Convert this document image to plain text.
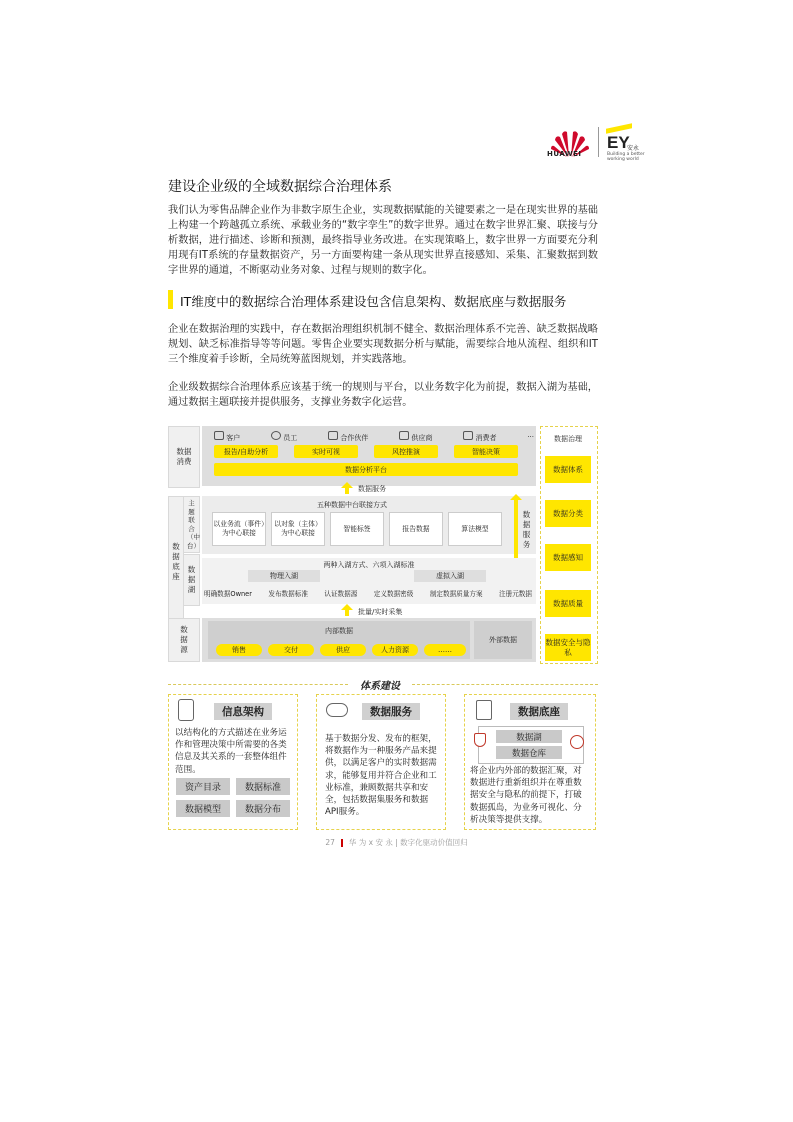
HUAWEI
EY
安永
Building a better working world
建设企业级的全域数据综合治理体系
我们认为零售品牌企业作为非数字原生企业，实现数据赋能的关键要素之一是在现实世界的基础上构建一个跨越孤立系统、承载业务的“数字孪生”的数字世界。通过在数字世界汇聚、联接与分析数据，进行描述、诊断和预测，最终指导业务改进。在实现策略上，数字世界一方面要充分利用现有IT系统的存量数据资产，另一方面要构建一条从现实世界直接感知、采集、汇聚数据到数字世界的通道，不断驱动业务对象、过程与规则的数字化。
IT维度中的数据综合治理体系建设包含信息架构、数据底座与数据服务
企业在数据治理的实践中，存在数据治理组织机制不健全、数据治理体系不完善、缺乏数据战略规划、缺乏标准指导等等问题。零售企业要实现数据分析与赋能，需要综合地从流程、组织和IT三个维度着手诊断，全局统筹蓝图规划，并实践落地。
企业级数据综合治理体系应该基于统一的规则与平台，以业务数字化为前提，数据入湖为基础，通过数据主题联接并提供服务，支撑业务数字化运营。
数据消费
客户	员工	合作伙伴	供应商	消费者	...
报告/自助分析	实时可视	风控推演	智能决策
数据分析平台
数据服务
数据底座
主题联合（中台）
五种数据中台联接方式
以业务流（事件）为中心联接
以对象（主体）为中心联接
智能标签	报告数据	算法模型
数据服务
数据湖
两种入湖方式、六项入湖标准
物理入湖	虚拟入湖
明确数据Owner 发布数据标准 认证数据源 定义数据密级 制定数据质量方案 注册元数据
批量/实时采集
数据源
内部数据
销售	交付	供应	人力资源	……
外部数据
数据治理
数据体系
数据分类
数据感知
数据质量
数据安全与隐私
体系建设
信息架构
以结构化的方式描述在业务运作和管理决策中所需要的各类信息及其关系的一套整体组件范围。
资产目录	数据标准
数据模型	数据分布
数据服务
基于数据分发、发布的框架，将数据作为一种服务产品来提供，以满足客户的实时数据需求，能够复用并符合企业和工业标准，兼顾数据共享和安全，包括数据集服务和数据API服务。
数据底座
数据湖
数据仓库
将企业内外部的数据汇聚，对数据进行重新组织并在尊重数据安全与隐私的前提下，打破数据孤岛，为业务可视化、分析决策等提供支撑。
27 华 为 x 安 永 | 数字化驱动价值回归
